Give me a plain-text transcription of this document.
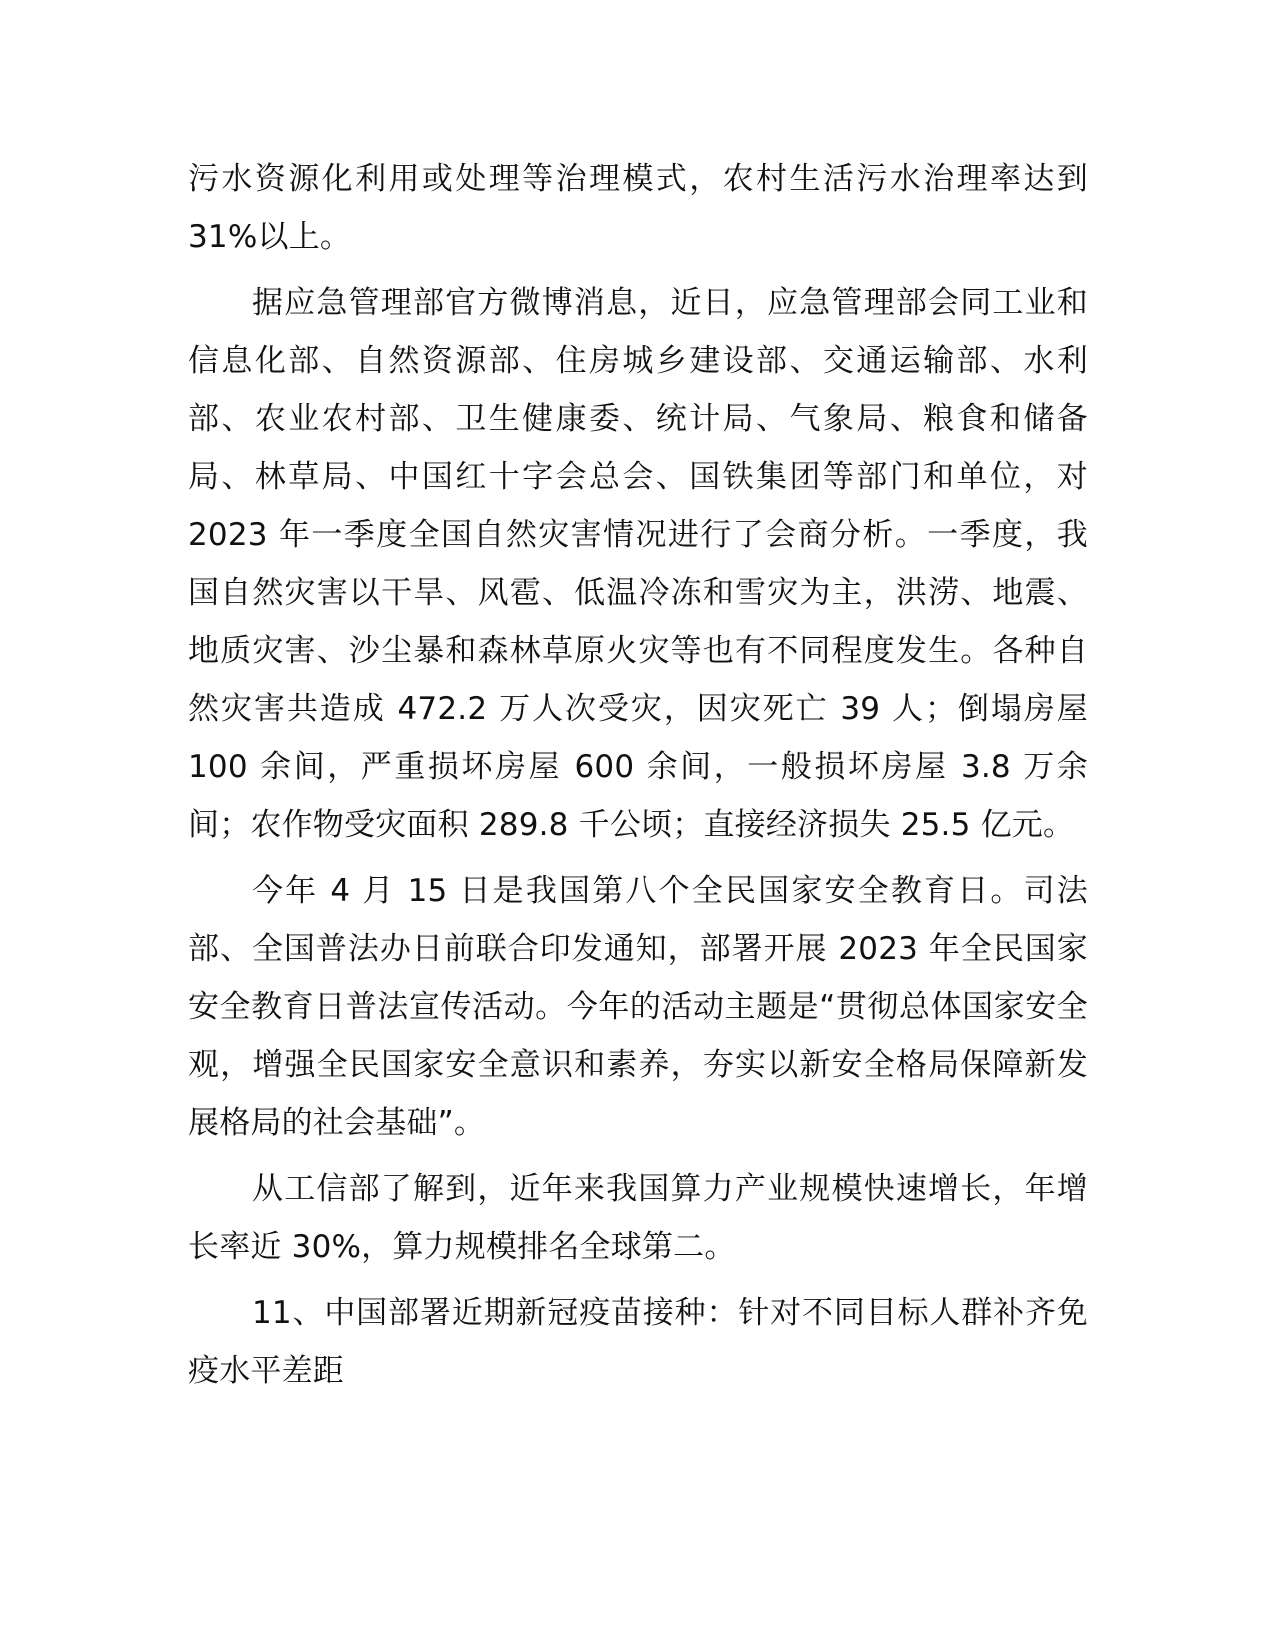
污水资源化利用或处理等治理模式，农村生活污水治理率达到31%以上。

据应急管理部官方微博消息，近日，应急管理部会同工业和信息化部、自然资源部、住房城乡建设部、交通运输部、水利部、农业农村部、卫生健康委、统计局、气象局、粮食和储备局、林草局、中国红十字会总会、国铁集团等部门和单位，对 2023 年一季度全国自然灾害情况进行了会商分析。一季度，我国自然灾害以干旱、风雹、低温冷冻和雪灾为主，洪涝、地震、地质灾害、沙尘暴和森林草原火灾等也有不同程度发生。各种自然灾害共造成 472.2 万人次受灾，因灾死亡 39 人；倒塌房屋 100 余间，严重损坏房屋 600 余间，一般损坏房屋 3.8 万余间；农作物受灾面积 289.8 千公顷；直接经济损失 25.5 亿元。

今年 4 月 15 日是我国第八个全民国家安全教育日。司法部、全国普法办日前联合印发通知，部署开展 2023 年全民国家安全教育日普法宣传活动。今年的活动主题是“贯彻总体国家安全观，增强全民国家安全意识和素养，夯实以新安全格局保障新发展格局的社会基础”。

从工信部了解到，近年来我国算力产业规模快速增长，年增长率近 30%，算力规模排名全球第二。

11、中国部署近期新冠疫苗接种：针对不同目标人群补齐免疫水平差距
